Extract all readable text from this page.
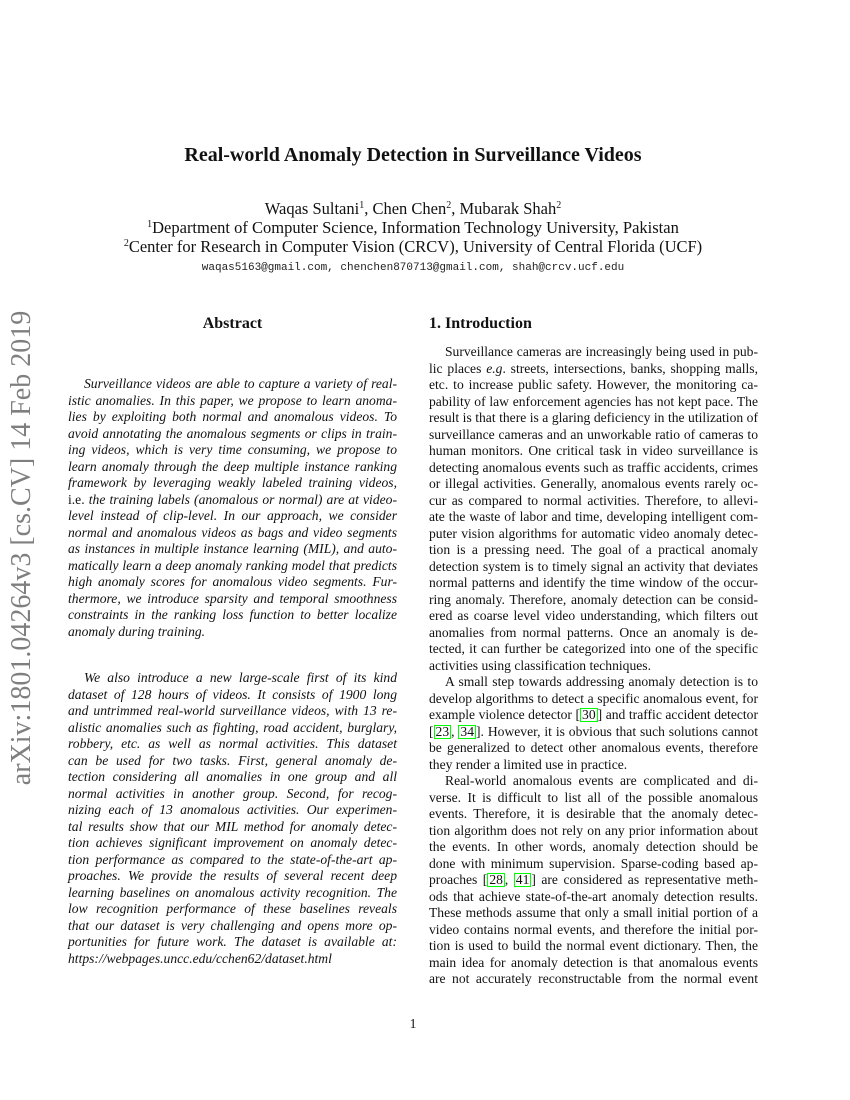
arXiv:1801.04264v3 [cs.CV] 14 Feb 2019
Real-world Anomaly Detection in Surveillance Videos
Waqas Sultani$^1$, Chen Chen$^2$, Mubarak Shah$^2$
$^1$Department of Computer Science, Information Technology University, Pakistan
$^2$Center for Research in Computer Vision (CRCV), University of Central Florida (UCF)
waqas5163@gmail.com, chenchen870713@gmail.com, shah@crcv.ucf.edu
Abstract	1. Introduction
Surveillance videos are able to capture a variety of real-
istic anomalies. In this paper, we propose to learn anoma-
lies by exploiting both normal and anomalous videos. To
avoid annotating the anomalous segments or clips in train-
ing videos, which is very time consuming, we propose to
learn anomaly through the deep multiple instance ranking
framework by leveraging weakly labeled training videos,
i.e. the training labels (anomalous or normal) are at video-
level instead of clip-level. In our approach, we consider
normal and anomalous videos as bags and video segments
as instances in multiple instance learning (MIL), and auto-
matically learn a deep anomaly ranking model that predicts
high anomaly scores for anomalous video segments. Fur-
thermore, we introduce sparsity and temporal smoothness
constraints in the ranking loss function to better localize
anomaly during training.
We also introduce a new large-scale first of its kind
dataset of 128 hours of videos. It consists of 1900 long
and untrimmed real-world surveillance videos, with 13 re-
alistic anomalies such as fighting, road accident, burglary,
robbery, etc. as well as normal activities. This dataset
can be used for two tasks. First, general anomaly de-
tection considering all anomalies in one group and all
normal activities in another group. Second, for recog-
nizing each of 13 anomalous activities. Our experimen-
tal results show that our MIL method for anomaly detec-
tion achieves significant improvement on anomaly detec-
tion performance as compared to the state-of-the-art ap-
proaches. We provide the results of several recent deep
learning baselines on anomalous activity recognition. The
low recognition performance of these baselines reveals
that our dataset is very challenging and opens more op-
portunities for future work. The dataset is available at:
https://webpages.uncc.edu/cchen62/dataset.html
Surveillance cameras are increasingly being used in pub-
lic places e.g. streets, intersections, banks, shopping malls,
etc. to increase public safety. However, the monitoring ca-
pability of law enforcement agencies has not kept pace. The
result is that there is a glaring deficiency in the utilization of
surveillance cameras and an unworkable ratio of cameras to
human monitors. One critical task in video surveillance is
detecting anomalous events such as traffic accidents, crimes
or illegal activities. Generally, anomalous events rarely oc-
cur as compared to normal activities. Therefore, to allevi-
ate the waste of labor and time, developing intelligent com-
puter vision algorithms for automatic video anomaly detec-
tion is a pressing need. The goal of a practical anomaly
detection system is to timely signal an activity that deviates
normal patterns and identify the time window of the occur-
ring anomaly. Therefore, anomaly detection can be consid-
ered as coarse level video understanding, which filters out
anomalies from normal patterns. Once an anomaly is de-
tected, it can further be categorized into one of the specific
activities using classification techniques.
A small step towards addressing anomaly detection is to
develop algorithms to detect a specific anomalous event, for
example violence detector [ 30 ] and traffic accident detector
[ 23 , 34 ]. However, it is obvious that such solutions cannot
be generalized to detect other anomalous events, therefore
they render a limited use in practice.
Real-world anomalous events are complicated and di-
verse. It is difficult to list all of the possible anomalous
events. Therefore, it is desirable that the anomaly detec-
tion algorithm does not rely on any prior information about
the events. In other words, anomaly detection should be
done with minimum supervision. Sparse-coding based ap-
proaches [ 28 , 41 ] are considered as representative meth-
ods that achieve state-of-the-art anomaly detection results.
These methods assume that only a small initial portion of a
video contains normal events, and therefore the initial por-
tion is used to build the normal event dictionary. Then, the
main idea for anomaly detection is that anomalous events
are not accurately reconstructable from the normal event
1
